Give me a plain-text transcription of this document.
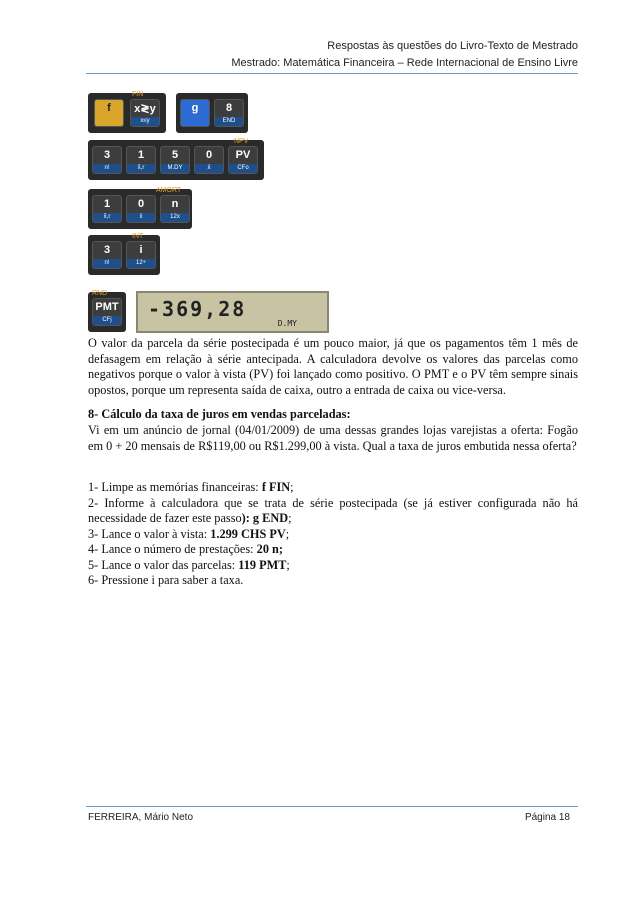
Respostas às questões do Livro-Texto de Mestrado
Mestrado: Matemática Financeira – Rede Internacional de Ensino Livre
FIN
f	x≷y
x≤y
g	8
END
NPV
3
n!
1
x̂,r
5
M.DY
0
x̄
PV
CFo
AMORT
1
x̂,r
0
x̄
n
12x
INT
3
n!
i
12÷
RND
PMT
CFj	-369,28
D.MY
O valor da parcela da série postecipada é um pouco maior, já que os pagamentos têm 1 mês de defasagem em relação à série antecipada. A calculadora devolve os valores das parcelas como negativos porque o valor à vista (PV) foi lançado como positivo. O PMT e o PV têm sempre sinais opostos, porque um representa saída de caixa, outro a entrada de caixa ou vice-versa.
8- Cálculo da taxa de juros em vendas parceladas:
Vi em um anúncio de jornal (04/01/2009) de uma dessas grandes lojas varejistas a oferta: Fogão em 0 + 20 mensais de R$119,00 ou R$1.299,00 à vista. Qual a taxa de juros embutida nessa oferta?
1- Limpe as memórias financeiras: f FIN;
2- Informe à calculadora que se trata de série postecipada (se já estiver configurada não há necessidade de fazer este passo): g END;
3- Lance o valor à vista: 1.299 CHS PV;
4- Lance o número de prestações: 20 n;
5- Lance o valor das parcelas: 119 PMT;
6- Pressione i para saber a taxa.
FERREIRA, Mário Neto	Página 18
